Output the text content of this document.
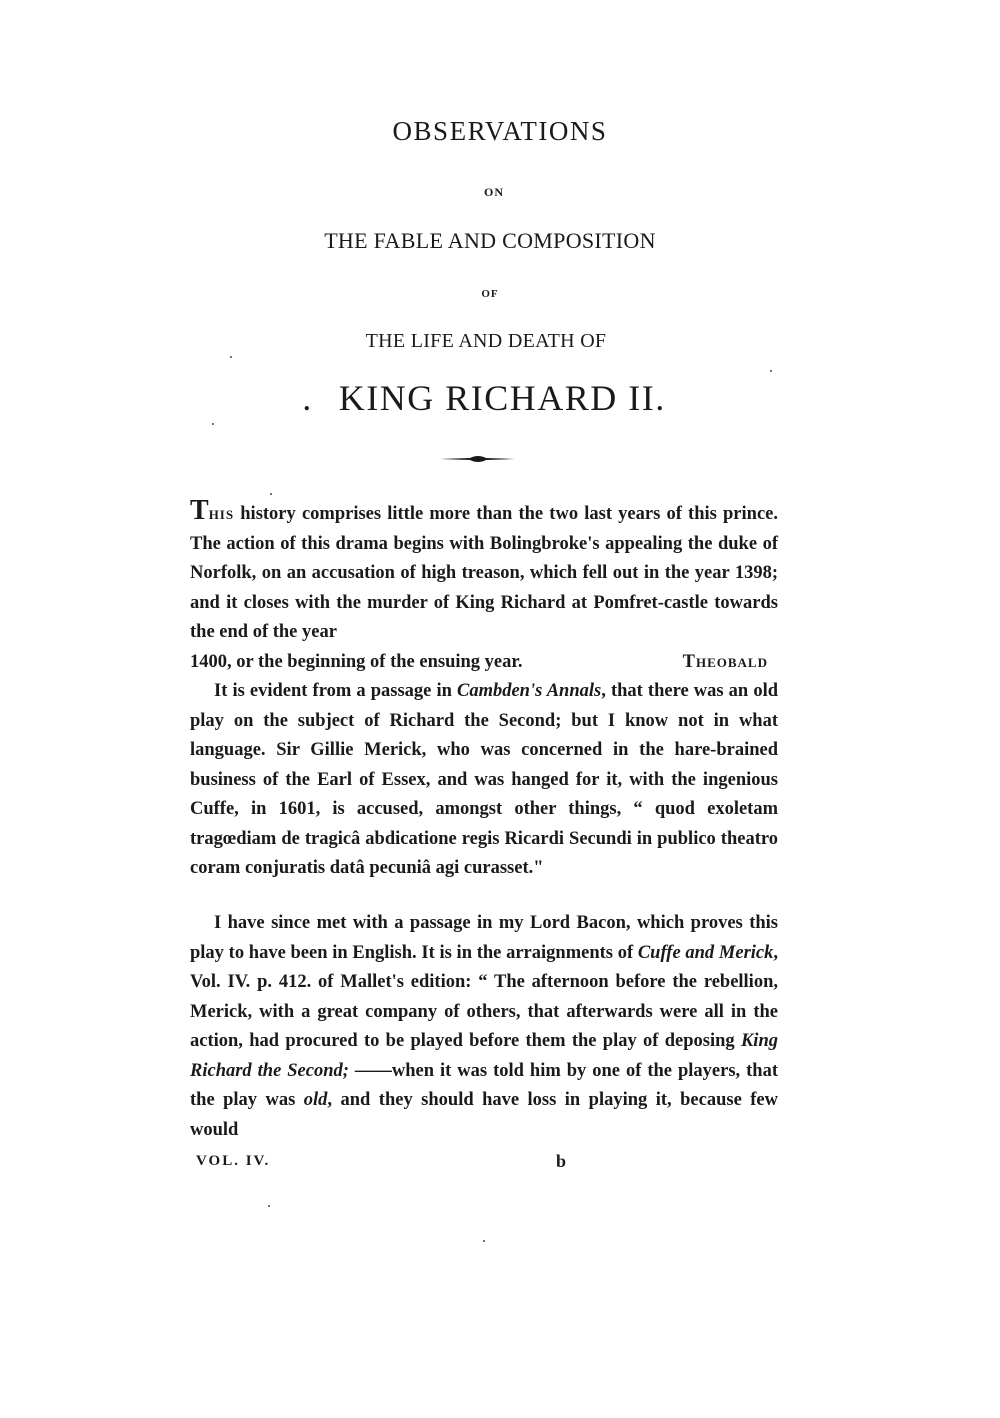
OBSERVATIONS
ON
THE FABLE AND COMPOSITION
OF
THE LIFE AND DEATH OF
. KING RICHARD II.

This history comprises little more than the two last years of this prince. The action of this drama begins with Bolingbroke's appealing the duke of Norfolk, on an accusation of high treason, which fell out in the year 1398; and it closes with the murder of King Richard at Pomfret-castle towards the end of the year

1400, or the beginning of the ensuing year.	Theobald

It is evident from a passage in Cambden's Annals, that there was an old play on the subject of Richard the Second; but I know not in what language. Sir Gillie Merick, who was concerned in the hare-brained business of the Earl of Essex, and was hanged for it, with the ingenious Cuffe, in 1601, is accused, amongst other things, “ quod exoletam tragœdiam de tragicâ abdicatione regis Ricardi Secundi in publico theatro coram conjuratis datâ pecuniâ agi curasset."

I have since met with a passage in my Lord Bacon, which proves this play to have been in English. It is in the arraignments of Cuffe and Merick, Vol. IV. p. 412. of Mallet's edition: “ The afternoon before the rebellion, Merick, with a great company of others, that afterwards were all in the action, had procured to be played before them the play of deposing King Richard the Second; ——when it was told him by one of the players, that the play was old, and they should have loss in playing it, because few would

VOL. IV.	b
